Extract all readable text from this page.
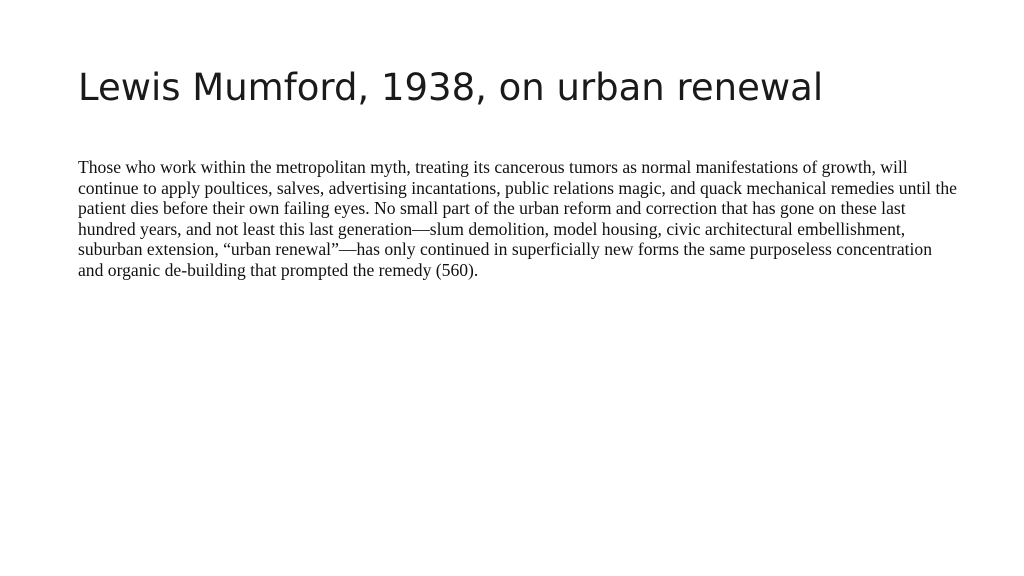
Lewis Mumford, 1938, on urban renewal

Those who work within the metropolitan myth, treating its cancerous tumors as normal manifestations of growth, will continue to apply poultices, salves, advertising incantations, public relations magic, and quack mechanical remedies until the patient dies before their own failing eyes. No small part of the urban reform and correction that has gone on these last hundred years, and not least this last generation—slum demolition, model housing, civic architectural embellishment, suburban extension, “urban renewal”—has only continued in superficially new forms the same purposeless concentration and organic de-building that prompted the remedy (560).
